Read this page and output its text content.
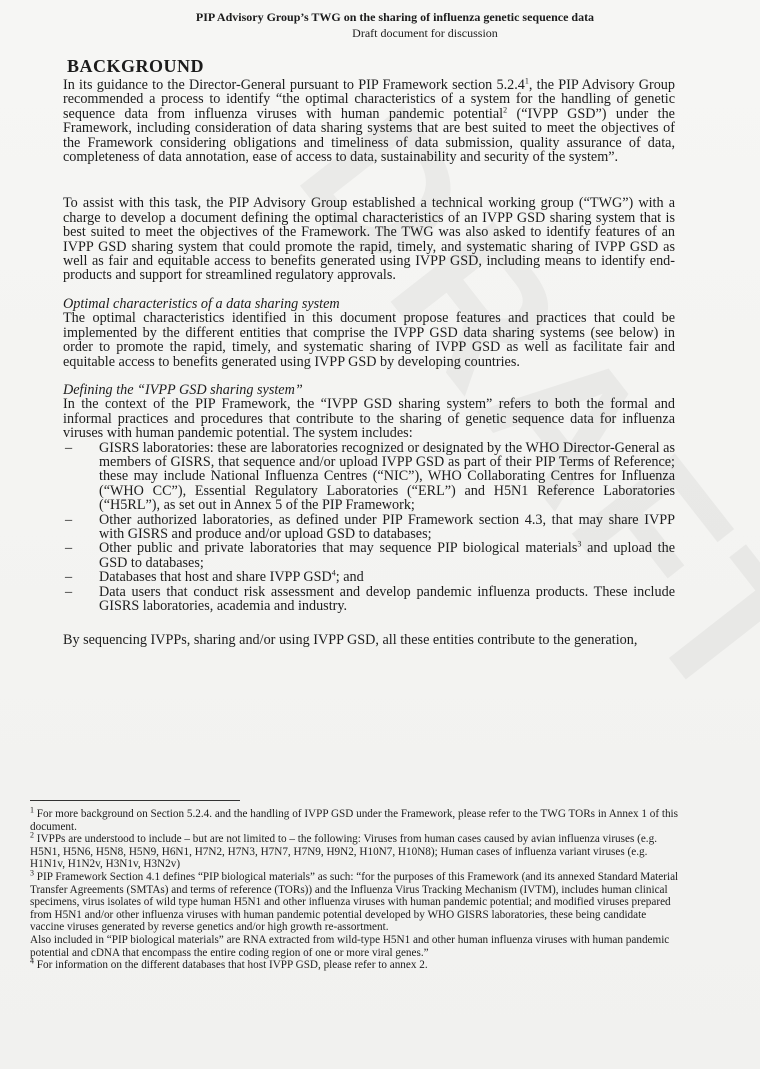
PIP Advisory Group’s TWG on the sharing of influenza genetic sequence data
Draft document for discussion
BACKGROUND

In its guidance to the Director-General pursuant to PIP Framework section 5.2.4$^1$, the PIP Advisory Group recommended a process to identify “the optimal characteristics of a system for the handling of genetic sequence data from influenza viruses with human pandemic potential$^2$ (“IVPP GSD”) under the Framework, including consideration of data sharing systems that are best suited to meet the objectives of the Framework considering obligations and timeliness of data submission, quality assurance of data, completeness of data annotation, ease of access to data, sustainability and security of the system”.

To assist with this task, the PIP Advisory Group established a technical working group (“TWG”) with a charge to develop a document defining the optimal characteristics of an IVPP GSD sharing system that is best suited to meet the objectives of the Framework. The TWG was also asked to identify features of an IVPP GSD sharing system that could promote the rapid, timely, and systematic sharing of IVPP GSD as well as fair and equitable access to benefits generated using IVPP GSD, including means to identify end-products and support for streamlined regulatory approvals.

Optimal characteristics of a data sharing system

The optimal characteristics identified in this document propose features and practices that could be implemented by the different entities that comprise the IVPP GSD data sharing systems (see below) in order to promote the rapid, timely, and systematic sharing of IVPP GSD as well as facilitate fair and equitable access to benefits generated using IVPP GSD by developing countries.

Defining the “IVPP GSD sharing system”

In the context of the PIP Framework, the “IVPP GSD sharing system” refers to both the formal and informal practices and procedures that contribute to the sharing of genetic sequence data for influenza viruses with human pandemic potential. The system includes:

– GISRS laboratories: these are laboratories recognized or designated by the WHO Director-General as members of GISRS, that sequence and/or upload IVPP GSD as part of their PIP Terms of Reference; these may include National Influenza Centres (“NIC”), WHO Collaborating Centres for Influenza (“WHO CC”), Essential Regulatory Laboratories (“ERL”) and H5N1 Reference Laboratories (“H5RL”), as set out in Annex 5 of the PIP Framework;
– Other authorized laboratories, as defined under PIP Framework section 4.3, that may share IVPP with GISRS and produce and/or upload GSD to databases;
– Other public and private laboratories that may sequence PIP biological materials$^3$ and upload the GSD to databases;
– Databases that host and share IVPP GSD$^4$; and
– Data users that conduct risk assessment and develop pandemic influenza products. These include GISRS laboratories, academia and industry.

By sequencing IVPPs, sharing and/or using IVPP GSD, all these entities contribute to the generation,

$^1$ For more background on Section 5.2.4. and the handling of IVPP GSD under the Framework, please refer to the TWG TORs in Annex 1 of this document.

$^2$ IVPPs are understood to include – but are not limited to – the following: Viruses from human cases caused by avian influenza viruses (e.g. H5N1, H5N6, H5N8, H5N9, H6N1, H7N2, H7N3, H7N7, H7N9, H9N2, H10N7, H10N8); Human cases of influenza variant viruses (e.g. H1N1v, H1N2v, H3N1v, H3N2v)

$^3$ PIP Framework Section 4.1 defines “PIP biological materials” as such: “for the purposes of this Framework (and its annexed Standard Material Transfer Agreements (SMTAs) and terms of reference (TORs)) and the Influenza Virus Tracking Mechanism (IVTM), includes human clinical specimens, virus isolates of wild type human H5N1 and other influenza viruses with human pandemic potential; and modified viruses prepared from H5N1 and/or other influenza viruses with human pandemic potential developed by WHO GISRS laboratories, these being candidate vaccine viruses generated by reverse genetics and/or high growth re-assortment.

Also included in “PIP biological materials” are RNA extracted from wild-type H5N1 and other human influenza viruses with human pandemic potential and cDNA that encompass the entire coding region of one or more viral genes.”

$^4$ For information on the different databases that host IVPP GSD, please refer to annex 2.
